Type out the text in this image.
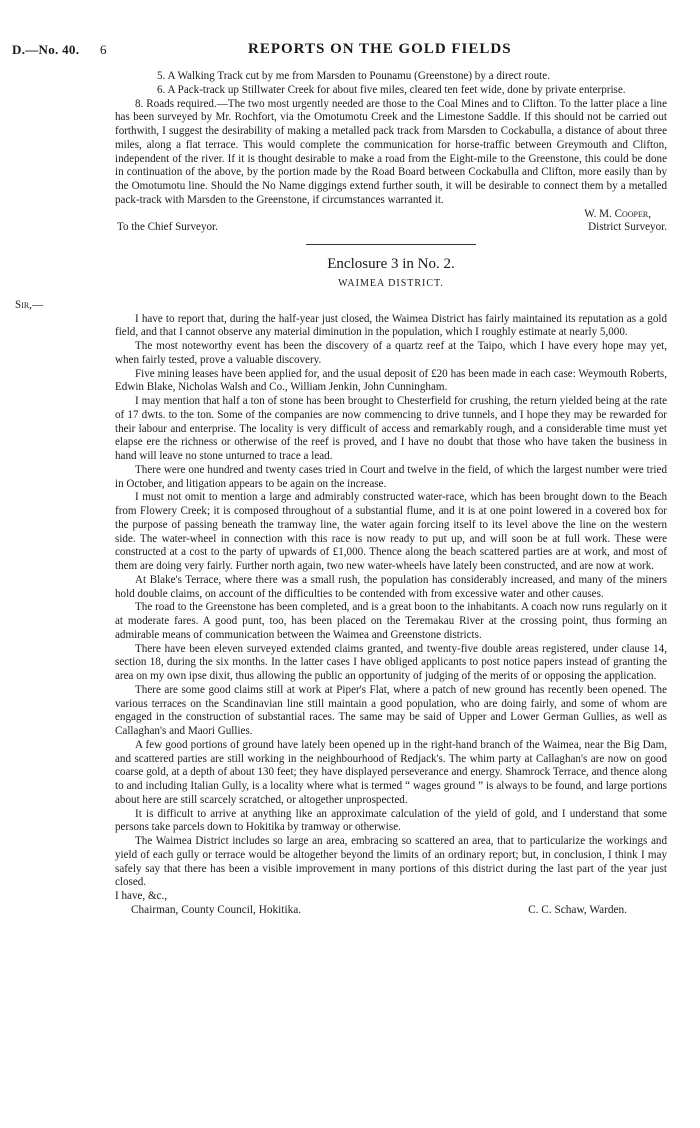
D.—No. 40. 6	REPORTS ON THE GOLD FIELDS

5. A Walking Track cut by me from Marsden to Pounamu (Greenstone) by a direct route.

6. A Pack-track up Stillwater Creek for about five miles, cleared ten feet wide, done by private enterprise.

8. Roads required.—The two most urgently needed are those to the Coal Mines and to Clifton. To the latter place a line has been surveyed by Mr. Rochfort, via the Omotumotu Creek and the Limestone Saddle. If this should not be carried out forthwith, I suggest the desirability of making a metalled pack track from Marsden to Cockabulla, a distance of about three miles, along a flat terrace. This would complete the communication for horse-traffic between Greymouth and Clifton, independent of the river. If it is thought desirable to make a road from the Eight-mile to the Greenstone, this could be done in continuation of the above, by the portion made by the Road Board between Cockabulla and Clifton, more easily than by the Omotumotu line. Should the No Name diggings extend further south, it will be desirable to connect them by a metalled pack-track with Marsden to the Greenstone, if circumstances warranted it.

W. M. Cooper,
To the Chief Surveyor.	District Surveyor.
Enclosure 3 in No. 2.
WAIMEA DISTRICT.

Sir,—

I have to report that, during the half-year just closed, the Waimea District has fairly maintained its reputation as a gold field, and that I cannot observe any material diminution in the population, which I roughly estimate at nearly 5,000.

The most noteworthy event has been the discovery of a quartz reef at the Taipo, which I have every hope may yet, when fairly tested, prove a valuable discovery.

Five mining leases have been applied for, and the usual deposit of £20 has been made in each case: Weymouth Roberts, Edwin Blake, Nicholas Walsh and Co., William Jenkin, John Cunningham.

I may mention that half a ton of stone has been brought to Chesterfield for crushing, the return yielded being at the rate of 17 dwts. to the ton. Some of the companies are now commencing to drive tunnels, and I hope they may be rewarded for their labour and enterprise. The locality is very difficult of access and remarkably rough, and a considerable time must yet elapse ere the richness or otherwise of the reef is proved, and I have no doubt that those who have taken the business in hand will leave no stone unturned to trace a lead.

There were one hundred and twenty cases tried in Court and twelve in the field, of which the largest number were tried in October, and litigation appears to be again on the increase.

I must not omit to mention a large and admirably constructed water-race, which has been brought down to the Beach from Flowery Creek; it is composed throughout of a substantial flume, and it is at one point lowered in a covered box for the purpose of passing beneath the tramway line, the water again forcing itself to its level above the line on the western side. The water-wheel in connection with this race is now ready to put up, and will soon be at full work. These were constructed at a cost to the party of upwards of £1,000. Thence along the beach scattered parties are at work, and most of them are doing very fairly. Further north again, two new water-wheels have lately been constructed, and are now at work.

At Blake's Terrace, where there was a small rush, the population has considerably increased, and many of the miners hold double claims, on account of the difficulties to be contended with from excessive water and other causes.

The road to the Greenstone has been completed, and is a great boon to the inhabitants. A coach now runs regularly on it at moderate fares. A good punt, too, has been placed on the Teremakau River at the crossing point, thus forming an admirable means of communication between the Waimea and Greenstone districts.

There have been eleven surveyed extended claims granted, and twenty-five double areas registered, under clause 14, section 18, during the six months. In the latter cases I have obliged applicants to post notice papers instead of granting the area on my own ipse dixit, thus allowing the public an opportunity of judging of the merits of or opposing the application.

There are some good claims still at work at Piper's Flat, where a patch of new ground has recently been opened. The various terraces on the Scandinavian line still maintain a good population, who are doing fairly, and some of whom are engaged in the construction of substantial races. The same may be said of Upper and Lower German Gullies, as well as Callaghan's and Maori Gullies.

A few good portions of ground have lately been opened up in the right-hand branch of the Waimea, near the Big Dam, and scattered parties are still working in the neighbourhood of Redjack's. The whim party at Callaghan's are now on good coarse gold, at a depth of about 130 feet; they have displayed perseverance and energy. Shamrock Terrace, and thence along to and including Italian Gully, is a locality where what is termed “ wages ground ” is always to be found, and large portions about here are still scarcely scratched, or altogether unprospected.

It is difficult to arrive at anything like an approximate calculation of the yield of gold, and I understand that some persons take parcels down to Hokitika by tramway or otherwise.

The Waimea District includes so large an area, embracing so scattered an area, that to particularize the workings and yield of each gully or terrace would be altogether beyond the limits of an ordinary report; but, in conclusion, I think I may safely say that there has been a visible improvement in many portions of this district during the last part of the year just closed.

I have, &c.,

Chairman, County Council, Hokitika.	C. C. Schaw, Warden.
